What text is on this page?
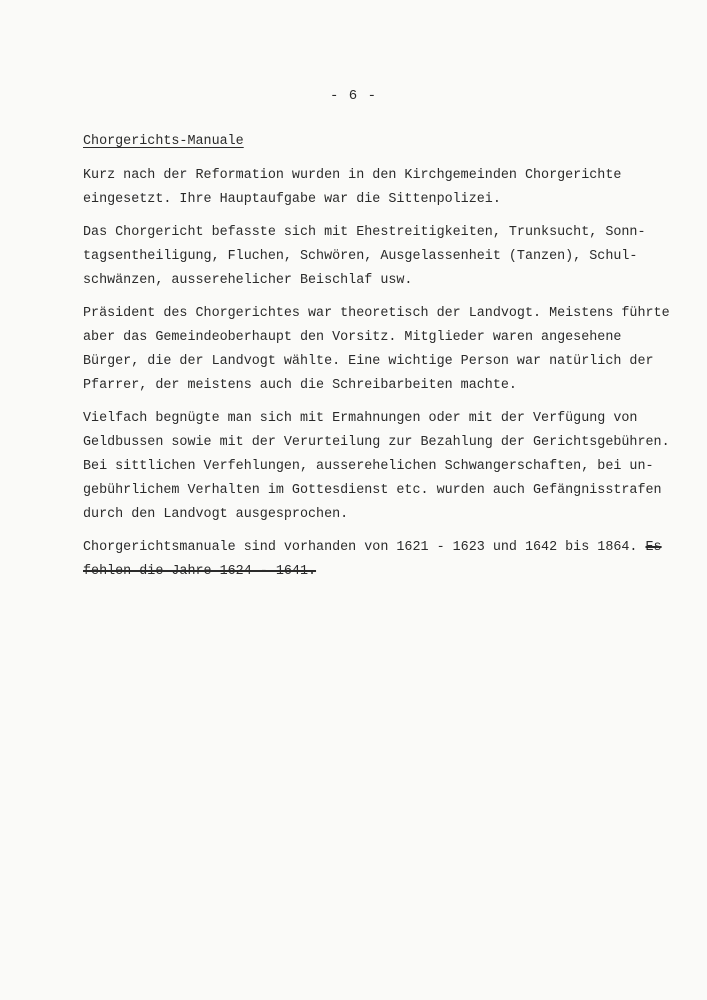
- 6 -
Chorgerichts-Manuale
Kurz nach der Reformation wurden in den Kirchgemeinden Chorgerichte
eingesetzt. Ihre Hauptaufgabe war die Sittenpolizei.
Das Chorgericht befasste sich mit Ehestreitigkeiten, Trunksucht, Sonn-
tagsentheiligung, Fluchen, Schwören, Ausgelassenheit (Tanzen), Schul-
schwänzen, ausserehelicher Beischlaf usw.
Präsident des Chorgerichtes war theoretisch der Landvogt. Meistens führte
aber das Gemeindeoberhaupt den Vorsitz. Mitglieder waren angesehene
Bürger, die der Landvogt wählte. Eine wichtige Person war natürlich der
Pfarrer, der meistens auch die Schreibarbeiten machte.
Vielfach begnügte man sich mit Ermahnungen oder mit der Verfügung von
Geldbussen sowie mit der Verurteilung zur Bezahlung der Gerichtsgebühren.
Bei sittlichen Verfehlungen, ausserehelichen Schwangerschaften, bei un-
gebührlichem Verhalten im Gottesdienst etc. wurden auch Gefängnisstrafen
durch den Landvogt ausgesprochen.
Chorgerichtsmanuale sind vorhanden von 1621 - 1623 und 1642 bis 1864. Es
fehlen die Jahre 1624 - 1641.
